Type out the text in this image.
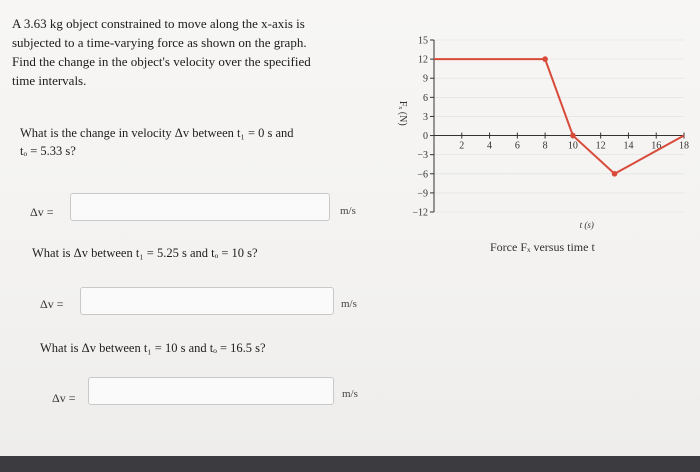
A 3.63 kg object constrained to move along the x-axis is
subjected to a time-varying force as shown on the graph.
Find the change in the object's velocity over the specified
time intervals.
What is the change in velocity Δv between t₁ = 0 s and
tₒ = 5.33 s?
Δv =	m/s
What is Δv between t₁ = 5.25 s and tₒ = 10 s?
Δv =	m/s
What is Δv between t₁ = 10 s and tₒ = 16.5 s?
Δv =	m/s
15
12
9
6
3
0
−3
−6
−9
−12
2 4 6 8 10 12 14 16 18
Fₓ (N)
t (s)
Force Fₓ versus time t
